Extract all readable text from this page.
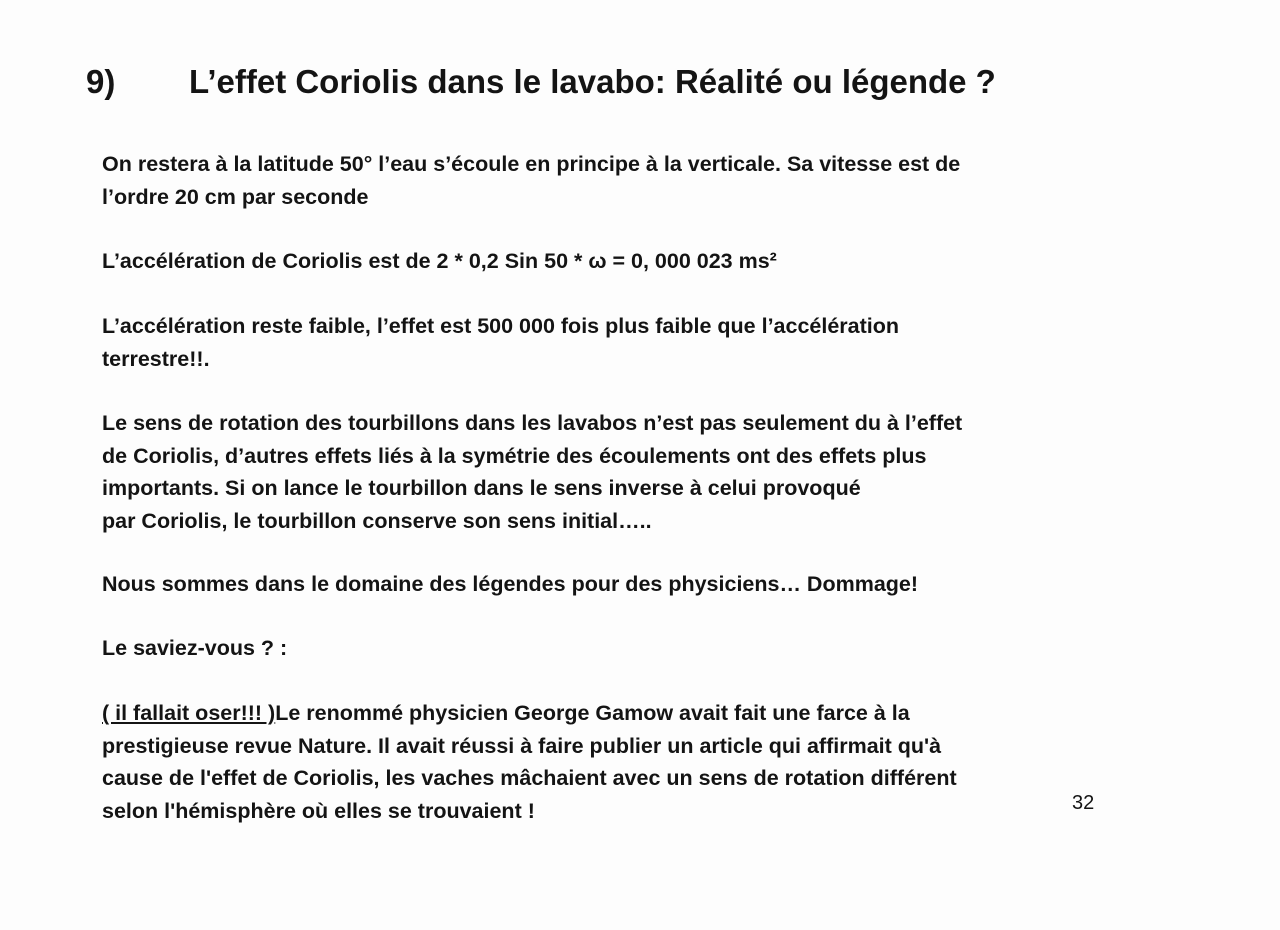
9) L’effet Coriolis dans le lavabo: Réalité ou légende ?
On restera à la latitude 50° l’eau s’écoule en principe à la verticale. Sa vitesse est de
l’ordre 20 cm par seconde
L’accélération de Coriolis est de 2 * 0,2 Sin 50 * ω = 0, 000 023 ms²
L’accélération reste faible, l’effet est 500 000 fois plus faible que l’accélération
terrestre!!.
Le sens de rotation des tourbillons dans les lavabos n’est pas seulement du à l’effet
de Coriolis, d’autres effets liés à la symétrie des écoulements ont des effets plus
importants. Si on lance le tourbillon dans le sens inverse à celui provoqué
par Coriolis, le tourbillon conserve son sens initial…..
Nous sommes dans le domaine des légendes pour des physiciens… Dommage!
Le saviez-vous ? :
( il fallait oser!!! )Le renommé physicien George Gamow avait fait une farce à la
prestigieuse revue Nature. Il avait réussi à faire publier un article qui affirmait qu'à
cause de l'effet de Coriolis, les vaches mâchaient avec un sens de rotation différent
selon l'hémisphère où elles se trouvaient !	32
